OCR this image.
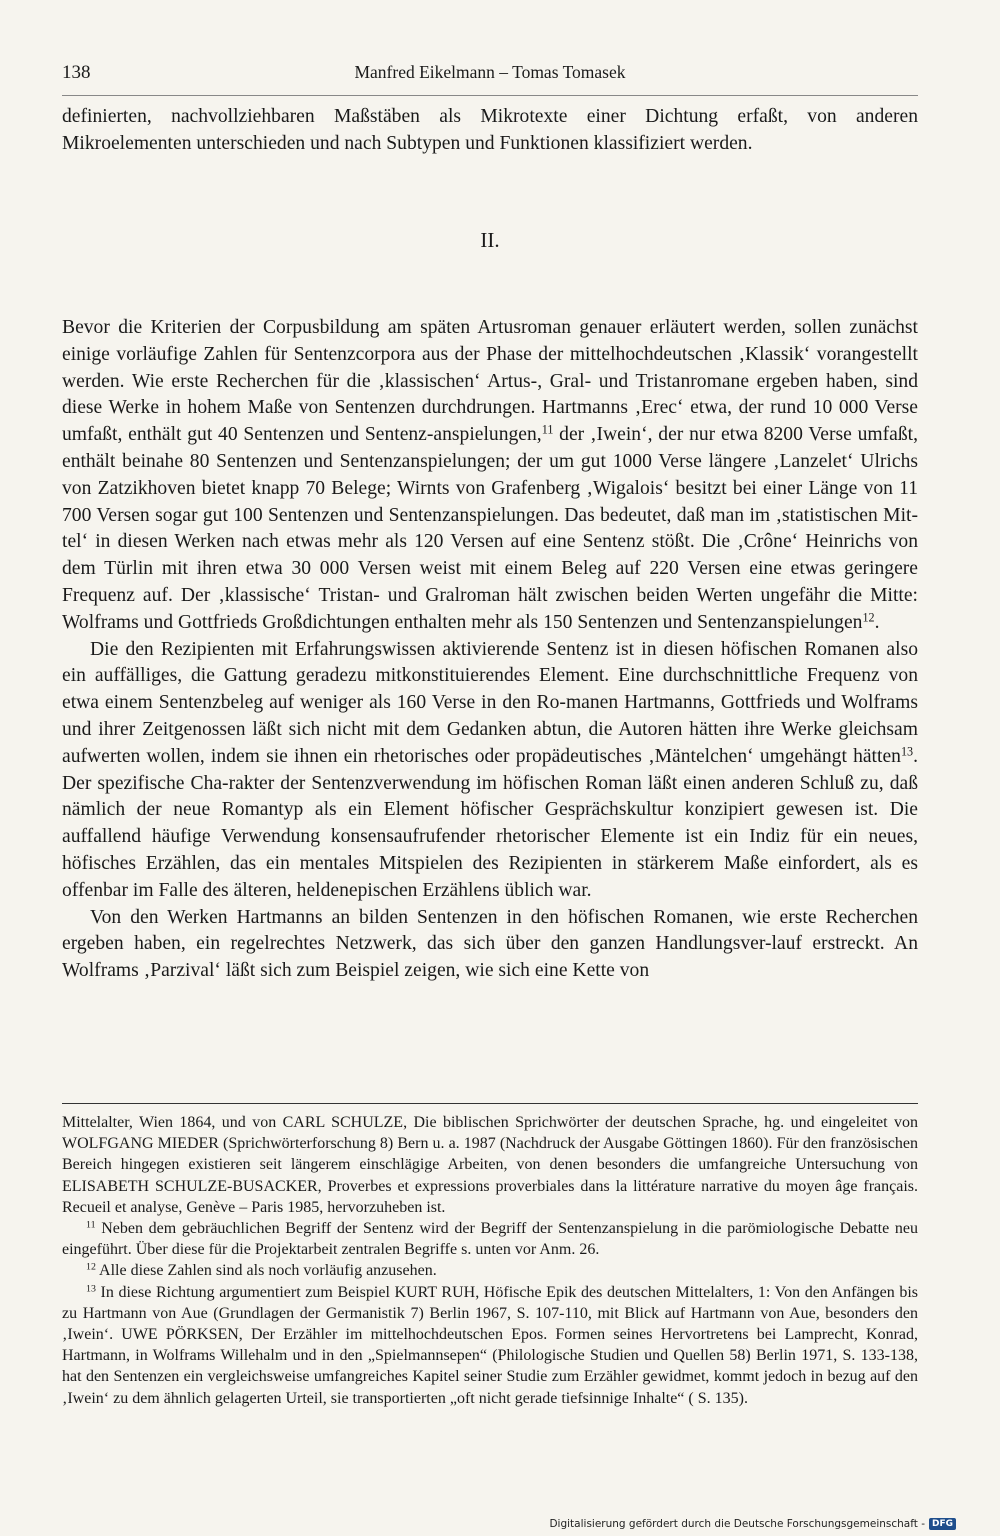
138	Manfred Eikelmann – Tomas Tomasek

definierten, nachvollziehbaren Maßstäben als Mikrotexte einer Dichtung erfaßt, von anderen Mikroelementen unterschieden und nach Subtypen und Funktionen klassifiziert werden.

II.

Bevor die Kriterien der Corpusbildung am späten Artusroman genauer erläutert werden, sollen zunächst einige vorläufige Zahlen für Sentenzcorpora aus der Phase der mittelhochdeutschen ‚Klassik‘ vorangestellt werden. Wie erste Recherchen für die ‚klassischen‘ Artus-, Gral- und Tristanromane ergeben haben, sind diese Werke in hohem Maße von Sentenzen durchdrungen. Hartmanns ‚Erec‘ etwa, der rund 10 000 Verse umfaßt, enthält gut 40 Sentenzen und Sentenz-anspielungen,$^{11}$ der ‚Iwein‘, der nur etwa 8200 Verse umfaßt, enthält beinahe 80 Sentenzen und Sentenzanspielungen; der um gut 1000 Verse längere ‚Lanzelet‘ Ulrichs von Zatzikhoven bietet knapp 70 Belege; Wirnts von Grafenberg ‚Wigalois‘ besitzt bei einer Länge von 11 700 Versen sogar gut 100 Sentenzen und Sentenzanspielungen. Das bedeutet, daß man im ‚statistischen Mit-tel‘ in diesen Werken nach etwas mehr als 120 Versen auf eine Sentenz stößt. Die ‚Crône‘ Heinrichs von dem Türlin mit ihren etwa 30 000 Versen weist mit einem Beleg auf 220 Versen eine etwas geringere Frequenz auf. Der ‚klassische‘ Tristan- und Gralroman hält zwischen beiden Werten ungefähr die Mitte: Wolframs und Gottfrieds Großdichtungen enthalten mehr als 150 Sentenzen und Sentenzanspielungen$^{12}$.

Die den Rezipienten mit Erfahrungswissen aktivierende Sentenz ist in diesen höfischen Romanen also ein auffälliges, die Gattung geradezu mitkonstituierendes Element. Eine durchschnittliche Frequenz von etwa einem Sentenzbeleg auf weniger als 160 Verse in den Ro-manen Hartmanns, Gottfrieds und Wolframs und ihrer Zeitgenossen läßt sich nicht mit dem Gedanken abtun, die Autoren hätten ihre Werke gleichsam aufwerten wollen, indem sie ihnen ein rhetorisches oder propädeutisches ‚Mäntelchen‘ umgehängt hätten$^{13}$. Der spezifische Cha-rakter der Sentenzverwendung im höfischen Roman läßt einen anderen Schluß zu, daß nämlich der neue Romantyp als ein Element höfischer Gesprächskultur konzipiert gewesen ist. Die auffallend häufige Verwendung konsensaufrufender rhetorischer Elemente ist ein Indiz für ein neues, höfisches Erzählen, das ein mentales Mitspielen des Rezipienten in stärkerem Maße einfordert, als es offenbar im Falle des älteren, heldenepischen Erzählens üblich war.

Von den Werken Hartmanns an bilden Sentenzen in den höfischen Romanen, wie erste Recherchen ergeben haben, ein regelrechtes Netzwerk, das sich über den ganzen Handlungsver-lauf erstreckt. An Wolframs ‚Parzival‘ läßt sich zum Beispiel zeigen, wie sich eine Kette von

Mittelalter, Wien 1864, und von CARL SCHULZE, Die biblischen Sprichwörter der deutschen Sprache, hg. und eingeleitet von WOLFGANG MIEDER (Sprichwörterforschung 8) Bern u. a. 1987 (Nachdruck der Ausgabe Göttingen 1860). Für den französischen Bereich hingegen existieren seit längerem einschlägige Arbeiten, von denen besonders die umfangreiche Untersuchung von ELISABETH SCHULZE-BUSACKER, Proverbes et expressions proverbiales dans la littérature narrative du moyen âge français. Recueil et analyse, Genève – Paris 1985, hervorzuheben ist.

$^{11}$ Neben dem gebräuchlichen Begriff der Sentenz wird der Begriff der Sentenzanspielung in die parömiologische Debatte neu eingeführt. Über diese für die Projektarbeit zentralen Begriffe s. unten vor Anm. 26.

$^{12}$ Alle diese Zahlen sind als noch vorläufig anzusehen.

$^{13}$ In diese Richtung argumentiert zum Beispiel KURT RUH, Höfische Epik des deutschen Mittelalters, 1: Von den Anfängen bis zu Hartmann von Aue (Grundlagen der Germanistik 7) Berlin 1967, S. 107-110, mit Blick auf Hartmann von Aue, besonders den ‚Iwein‘. UWE PÖRKSEN, Der Erzähler im mittelhochdeutschen Epos. Formen seines Hervortretens bei Lamprecht, Konrad, Hartmann, in Wolframs Willehalm und in den „Spielmannsepen“ (Philologische Studien und Quellen 58) Berlin 1971, S. 133-138, hat den Sentenzen ein vergleichsweise umfangreiches Kapitel seiner Studie zum Erzähler gewidmet, kommt jedoch in bezug auf den ‚Iwein‘ zu dem ähnlich gelagerten Urteil, sie transportierten „oft nicht gerade tiefsinnige Inhalte“ ( S. 135).

Digitalisierung gefördert durch die Deutsche Forschungsgemeinschaft - DFG
